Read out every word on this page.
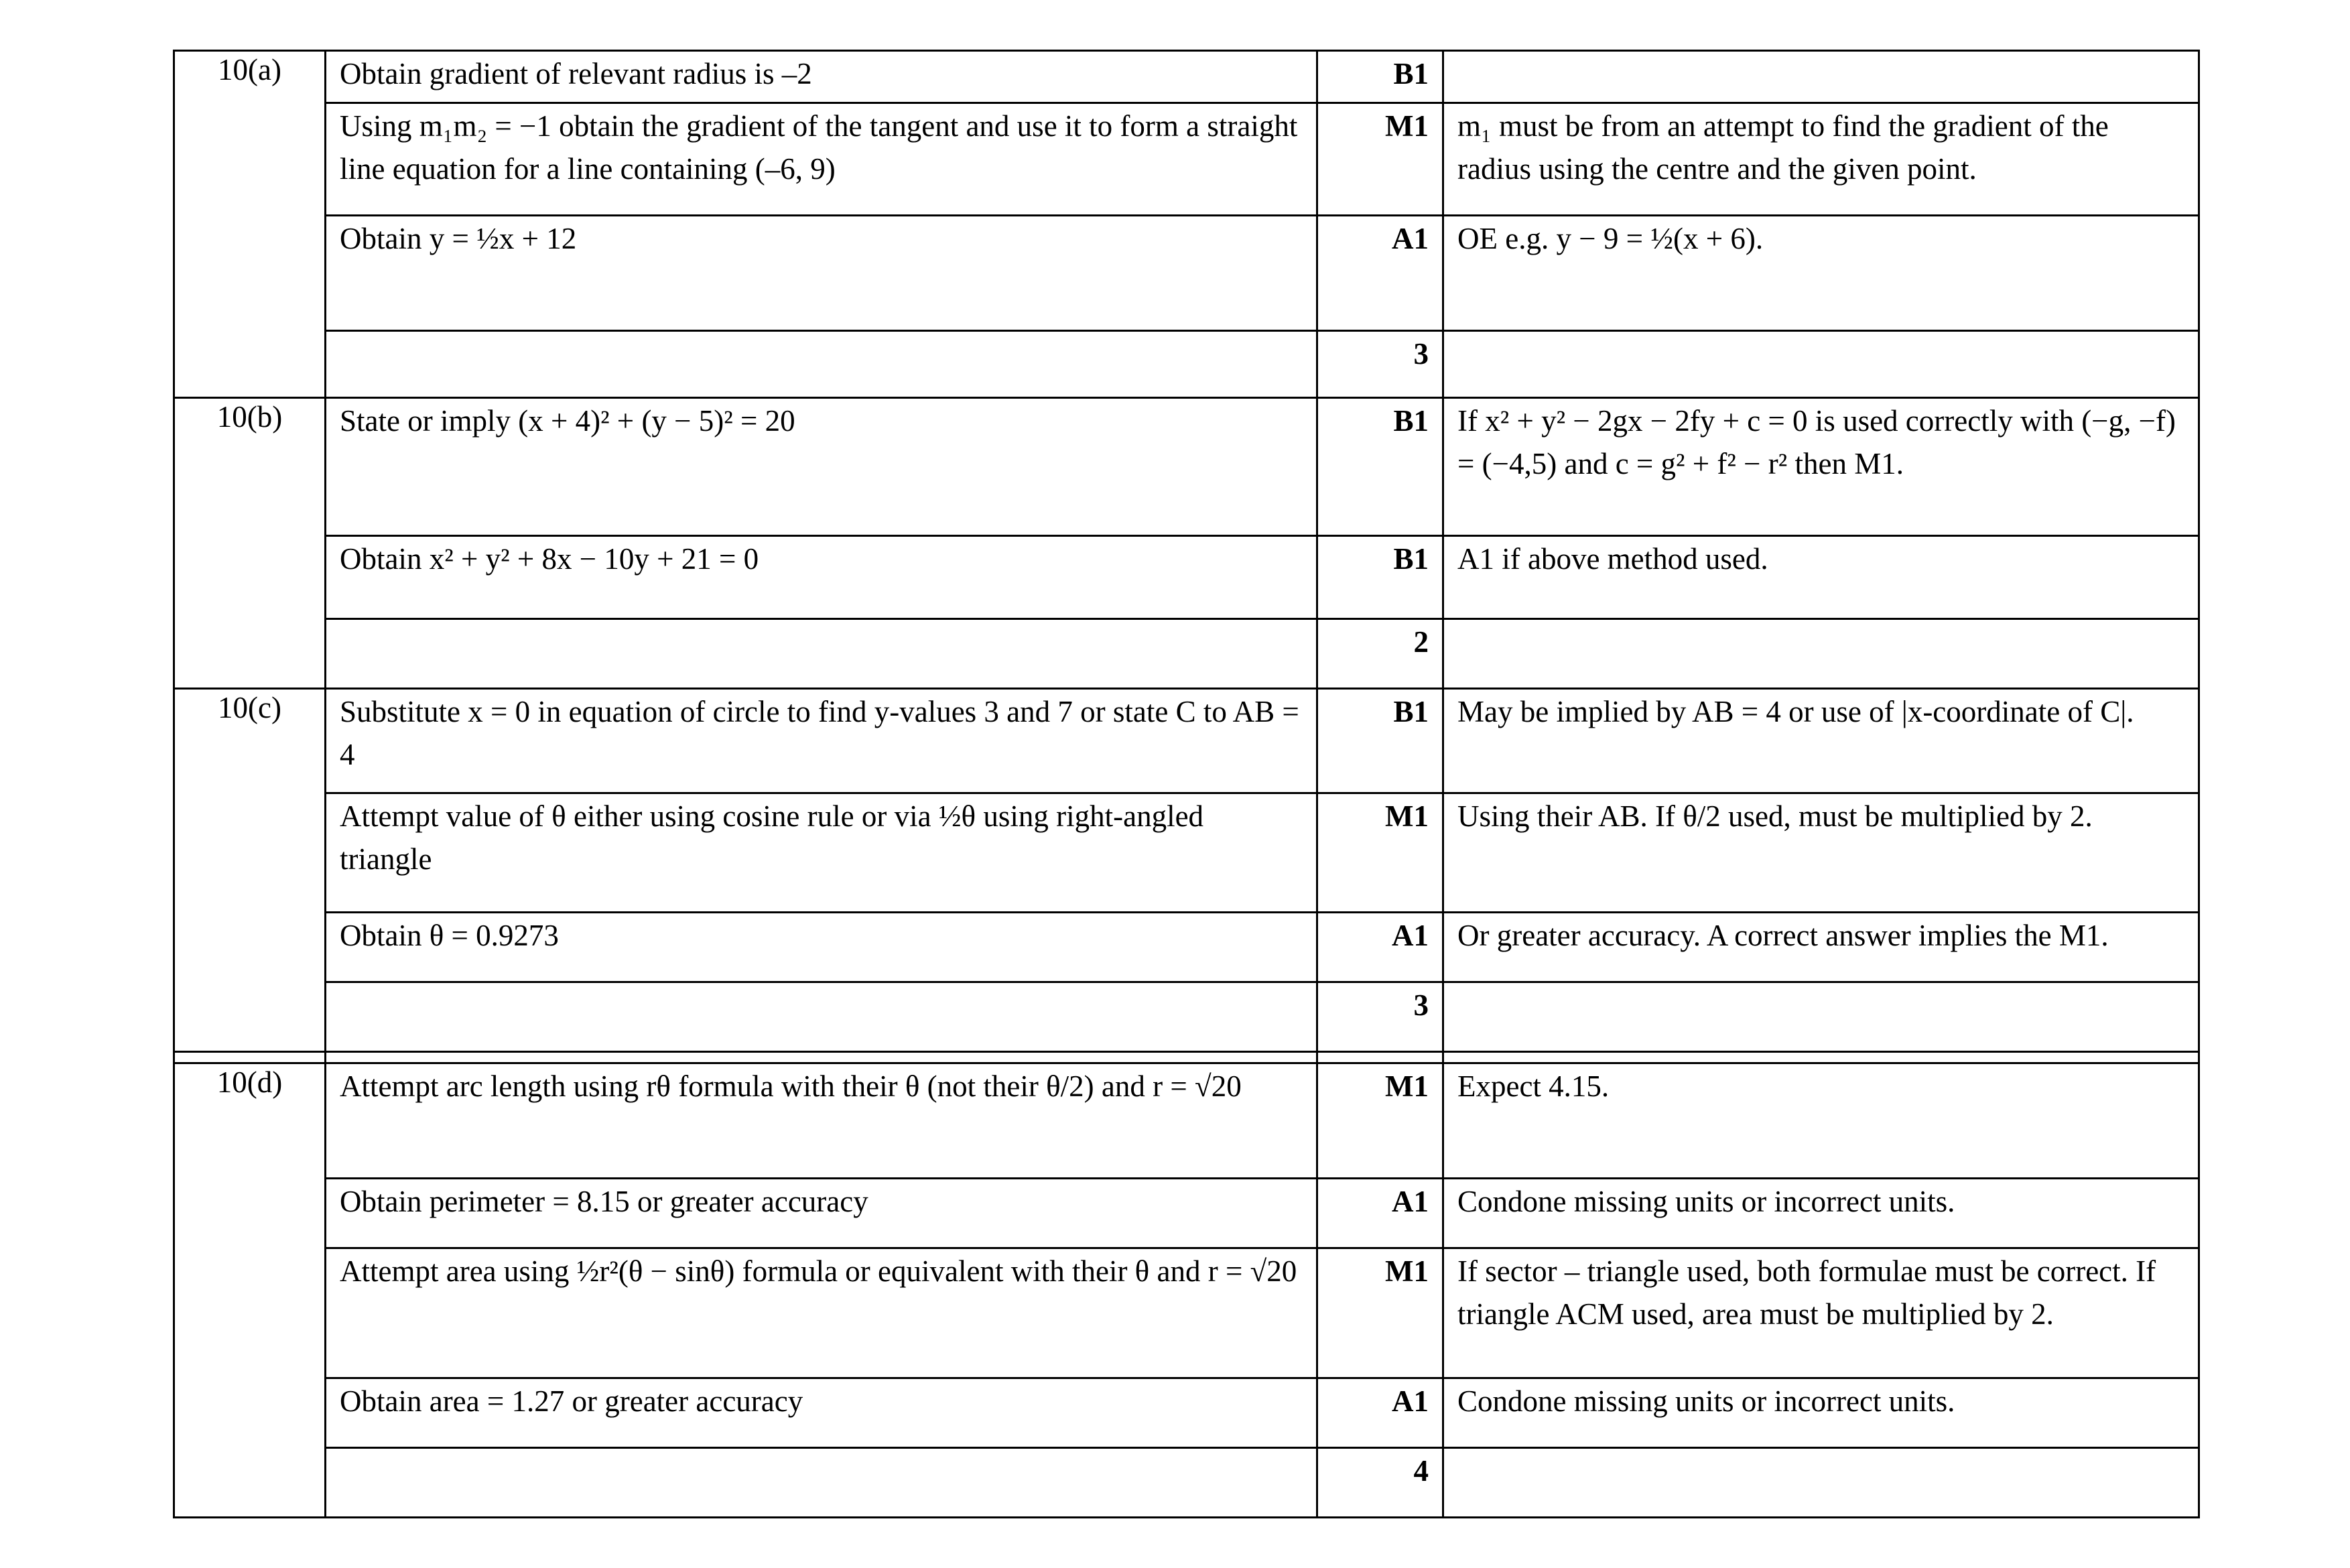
10(a)	Obtain gradient of relevant radius is –2	B1	

	Using m₁m₂ = −1 obtain the gradient of the tangent and use it to form a straight line equation for a line containing (–6, 9)	M1	m₁ must be from an attempt to find the gradient of the radius using the centre and the given point.

	Obtain y = ½x + 12	A1	OE e.g. y − 9 = ½(x + 6).

		3	

10(b)	State or imply (x + 4)² + (y − 5)² = 20	B1	If x² + y² − 2gx − 2fy + c = 0 is used correctly with (−g, −f) = (−4,5) and c = g² + f² − r² then M1.

	Obtain x² + y² + 8x − 10y + 21 = 0	B1	A1 if above method used.

		2	

10(c)	Substitute x = 0 in equation of circle to find y-values 3 and 7 or state C to AB = 4	B1	May be implied by AB = 4 or use of |x-coordinate of C|.

	Attempt value of θ either using cosine rule or via ½θ using right-angled triangle	M1	Using their AB. If θ/2 used, must be multiplied by 2.

	Obtain θ = 0.9273	A1	Or greater accuracy. A correct answer implies the M1.

		3	

10(d)	Attempt arc length using rθ formula with their θ (not their θ/2) and r = √20	M1	Expect 4.15.

	Obtain perimeter = 8.15 or greater accuracy	A1	Condone missing units or incorrect units.

	Attempt area using ½r²(θ − sinθ) formula or equivalent with their θ and r = √20	M1	If sector – triangle used, both formulae must be correct. If triangle ACM used, area must be multiplied by 2.

	Obtain area = 1.27 or greater accuracy	A1	Condone missing units or incorrect units.

		4	
